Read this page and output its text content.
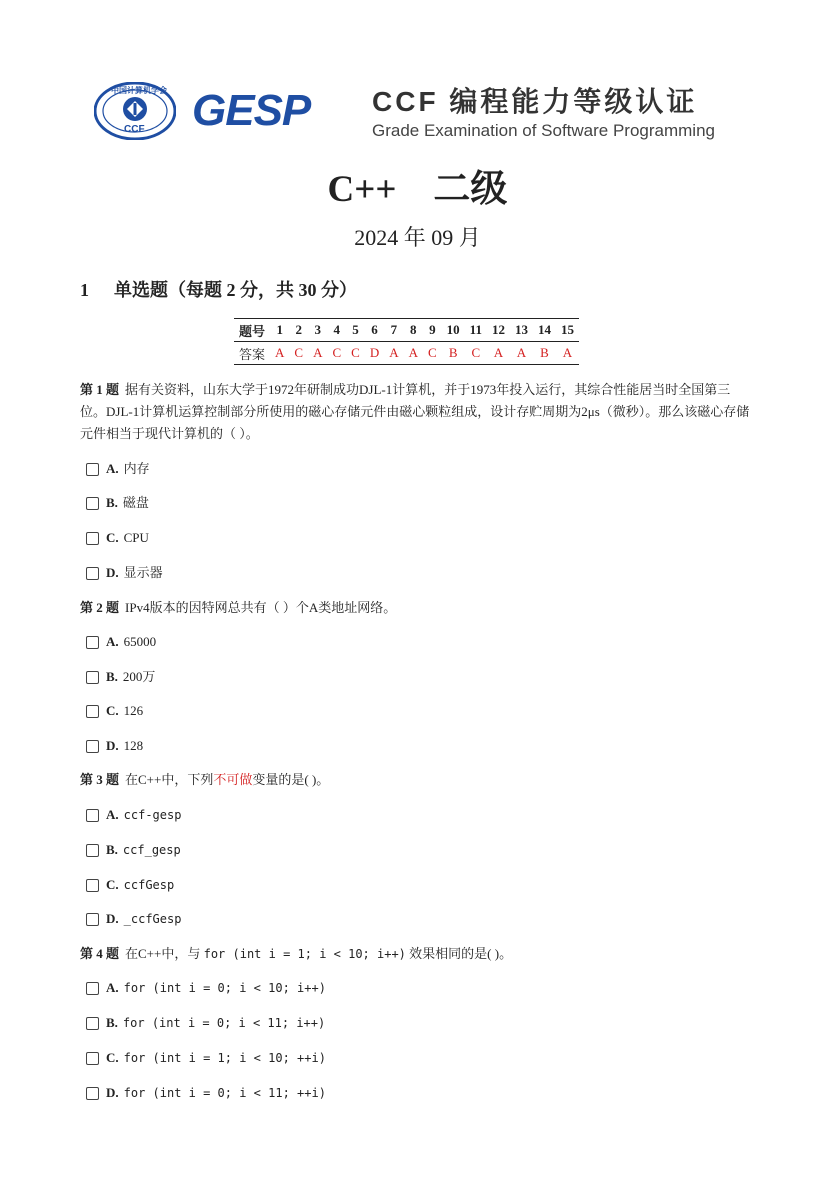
中国计算机学会
CCF GESP CCF 编程能力等级认证
Grade Examination of Software Programming
C++　二级
2024 年 09 月
1 单选题（每题 2 分，共 30 分）
题号	1	2	3	4	5	6	7	8	9	10	11	12	13	14	15
答案	A	C	A	C	C	D	A	A	C	B	C	A	A	B	A
第 1 题 据有关资料，山东大学于1972年研制成功DJL-1计算机，并于1973年投入运行，其综合性能居当时全国第三位。DJL-1计算机运算控制部分所使用的磁心存储元件由磁心颗粒组成，设计存贮周期为2μs（微秒）。那么该磁心存储元件相当于现代计算机的（ ）。
A. 内存
B. 磁盘
C. CPU
D. 显示器
第 2 题 IPv4版本的因特网总共有（ ）个A类地址网络。
A. 65000
B. 200万
C. 126
D. 128
第 3 题 在C++中，下列不可做变量的是( )。
A. ccf-gesp
B. ccf_gesp
C. ccfGesp
D. _ccfGesp
第 4 题 在C++中，与 for (int i = 1; i < 10; i++) 效果相同的是( )。
A. for (int i = 0; i < 10; i++)
B. for (int i = 0; i < 11; i++)
C. for (int i = 1; i < 10; ++i)
D. for (int i = 0; i < 11; ++i)
